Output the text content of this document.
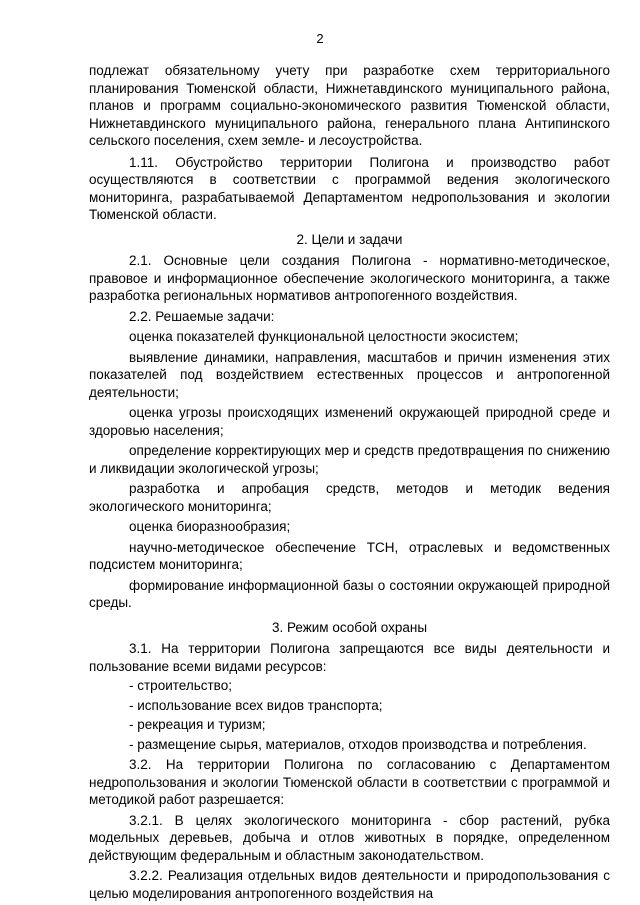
2

подлежат обязательному учету при разработке схем территориального планирования Тюменской области, Нижнетавдинского муниципального района, планов и программ социально-экономического развития Тюменской области, Нижнетавдинского муниципального района, генерального плана Антипинского сельского поселения, схем земле- и лесоустройства.

1.11. Обустройство территории Полигона и производство работ осуществляются в соответствии с программой ведения экологического мониторинга, разрабатываемой Департаментом недропользования и экологии Тюменской области.

2. Цели и задачи

2.1. Основные цели создания Полигона - нормативно-методическое, правовое и информационное обеспечение экологического мониторинга, а также разработка региональных нормативов антропогенного воздействия.

2.2. Решаемые задачи:

оценка показателей функциональной целостности экосистем;

выявление динамики, направления, масштабов и причин изменения этих показателей под воздействием естественных процессов и антропогенной деятельности;

оценка угрозы происходящих изменений окружающей природной среде и здоровью населения;

определение корректирующих мер и средств предотвращения по снижению и ликвидации экологической угрозы;

разработка и апробация средств, методов и методик ведения экологического мониторинга;

оценка биоразнообразия;

научно-методическое обеспечение ТСН, отраслевых и ведомственных подсистем мониторинга;

формирование информационной базы о состоянии окружающей природной среды.

3. Режим особой охраны

3.1. На территории Полигона запрещаются все виды деятельности и пользование всеми видами ресурсов:

- строительство;

- использование всех видов транспорта;

- рекреация и туризм;

- размещение сырья, материалов, отходов производства и потребления.

3.2. На территории Полигона по согласованию с Департаментом недропользования и экологии Тюменской области в соответствии с программой и методикой работ разрешается:

3.2.1. В целях экологического мониторинга - сбор растений, рубка модельных деревьев, добыча и отлов животных в порядке, определенном действующим федеральным и областным законодательством.

3.2.2. Реализация отдельных видов деятельности и природопользования с целью моделирования антропогенного воздействия на
